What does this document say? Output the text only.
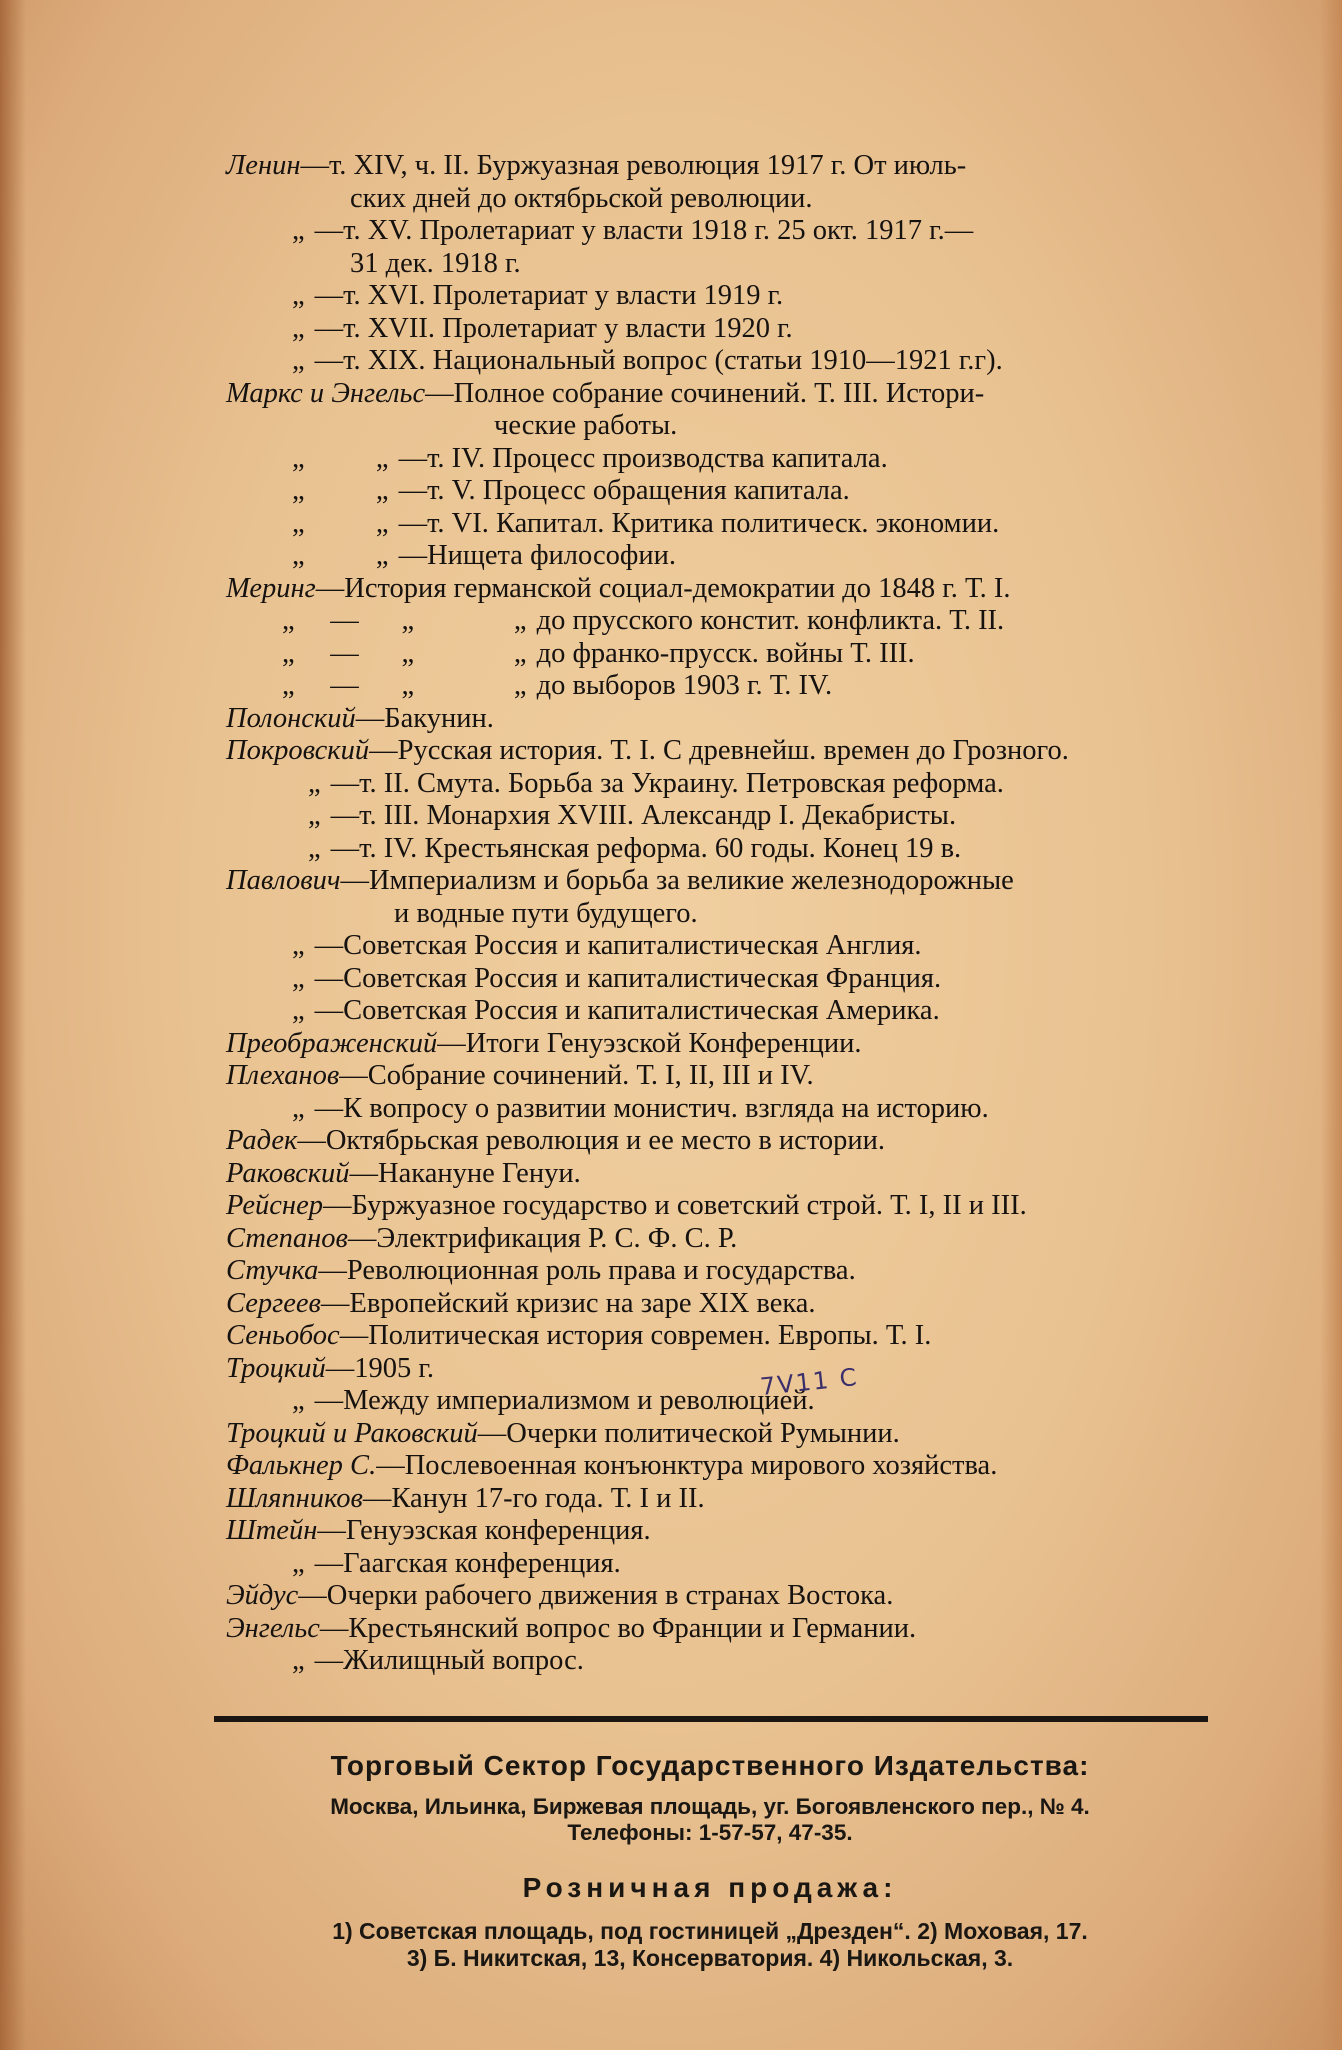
Ленин—т. XIV, ч. II. Буржуазная революция 1917 г. От июль-
ских дней до октябрьской революции.
„ —т. XV. Пролетариат у власти 1918 г. 25 окт. 1917 г.—
31 дек. 1918 г.
„ —т. XVI. Пролетариат у власти 1919 г.
„ —т. XVII. Пролетариат у власти 1920 г.
„ —т. XIX. Национальный вопрос (статьи 1910—1921 г.г).
Маркс и Энгельс—Полное собрание сочинений. Т. III. Истори-
ческие работы.
„          „ —т. IV. Процесс производства капитала.
„          „ —т. V. Процесс обращения капитала.
„          „ —т. VI. Капитал. Критика политическ. экономии.
„          „ —Нищета философии.
Меринг—История германской социал-демократии до 1848 г. Т. I.
„     —      „              „ до прусского констит. конфликта. Т. II.
„     —      „              „ до франко-прусск. войны Т. III.
„     —      „              „ до выборов 1903 г. Т. IV.
Полонский—Бакунин.
Покровский—Русская история. Т. I. С древнейш. времен до Грозного.
„ —т. II. Смута. Борьба за Украину. Петровская реформа.
„ —т. III. Монархия XVIII. Александр I. Декабристы.
„ —т. IV. Крестьянская реформа. 60 годы. Конец 19 в.
Павлович—Империализм и борьба за великие железнодорожные
и водные пути будущего.
„ —Советская Россия и капиталистическая Англия.
„ —Советская Россия и капиталистическая Франция.
„ —Советская Россия и капиталистическая Америка.
Преображенский—Итоги Генуэзской Конференции.
Плеханов—Собрание сочинений. Т. I, II, III и IV.
„ —К вопросу о развитии монистич. взгляда на историю.
Радек—Октябрьская революция и ее место в истории.
Раковский—Накануне Генуи.
Рейснер—Буржуазное государство и советский строй. Т. I, II и III.
Степанов—Электрификация Р. С. Ф. С. Р.
Стучка—Революционная роль права и государства.
Сергеев—Европейский кризис на заре XIX века.
Сеньобос—Политическая история современ. Европы. Т. I.
Троцкий—1905 г.
„ —Между империализмом и революцией.
Троцкий и Раковский—Очерки политической Румынии.
Фалькнер С.—Послевоенная конъюнктура мирового хозяйства.
Шляпников—Канун 17-го года. Т. I и II.
Штейн—Генуэзская конференция.
„ —Гаагская конференция.
Эйдус—Очерки рабочего движения в странах Востока.
Энгельс—Крестьянский вопрос во Франции и Германии.
„ —Жилищный вопрос.
7V11 C
Торговый Сектор Государственного Издательства:
Москва, Ильинка, Биржевая площадь, уг. Богоявленского пер., № 4.
Телефоны: 1-57-57, 47-35.
Розничная продажа:
1) Советская площадь, под гостиницей „Дрезден“. 2) Моховая, 17.
3) Б. Никитская, 13, Консерватория. 4) Никольская, 3.
